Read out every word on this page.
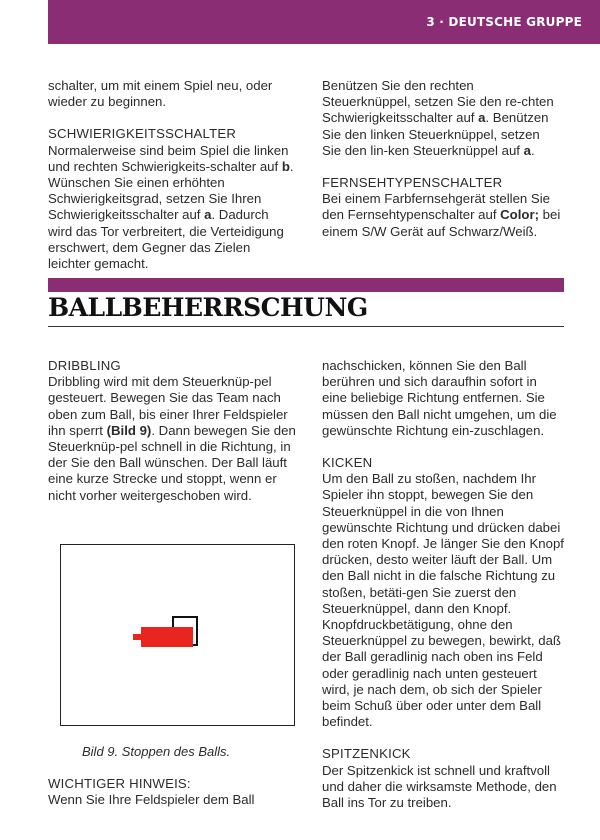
3 · DEUTSCHE GRUPPE

schalter, um mit einem Spiel neu, oder wieder zu beginnen.

SCHWIERIGKEITSSCHALTER

Normalerweise sind beim Spiel die linken und rechten Schwierigkeits-schalter auf b. Wünschen Sie einen erhöhten Schwierigkeitsgrad, setzen Sie Ihren Schwierigkeitsschalter auf a. Dadurch wird das Tor verbreitert, die Verteidigung erschwert, dem Gegner das Zielen leichter gemacht.

Benützen Sie den rechten Steuerknüppel, setzen Sie den re-chten Schwierigkeitsschalter auf a. Benützen Sie den linken Steuerknüppel, setzen Sie den lin-ken Steuerknüppel auf a.

FERNSEHTYPENSCHALTER

Bei einem Farbfernsehgerät stellen Sie den Fernsehtypenschalter auf Color; bei einem S/W Gerät auf Schwarz/Weiß.

BALLBEHERRSCHUNG

DRIBBLING

Dribbling wird mit dem Steuerknüp-pel gesteuert. Bewegen Sie das Team nach oben zum Ball, bis einer Ihrer Feldspieler ihn sperrt (Bild 9). Dann bewegen Sie den Steuerknüp-pel schnell in die Richtung, in der Sie den Ball wünschen. Der Ball läuft eine kurze Strecke und stoppt, wenn er nicht vorher weitergeschoben wird.

Bild 9. Stoppen des Balls.

WICHTIGER HINWEIS:

Wenn Sie Ihre Feldspieler dem Ball

nachschicken, können Sie den Ball berühren und sich daraufhin sofort in eine beliebige Richtung entfernen. Sie müssen den Ball nicht umgehen, um die gewünschte Richtung ein-zuschlagen.

KICKEN

Um den Ball zu stoßen, nachdem Ihr Spieler ihn stoppt, bewegen Sie den Steuerknüppel in die von Ihnen gewünschte Richtung und drücken dabei den roten Knopf. Je länger Sie den Knopf drücken, desto weiter läuft der Ball. Um den Ball nicht in die falsche Richtung zu stoßen, betäti-gen Sie zuerst den Steuerknüppel, dann den Knopf. Knopfdruckbetätigung, ohne den Steuerknüppel zu bewegen, bewirkt, daß der Ball geradlinig nach oben ins Feld oder geradlinig nach unten gesteuert wird, je nach dem, ob sich der Spieler beim Schuß über oder unter dem Ball befindet.

SPITZENKICK

Der Spitzenkick ist schnell und kraftvoll und daher die wirksamste Methode, den Ball ins Tor zu treiben.
